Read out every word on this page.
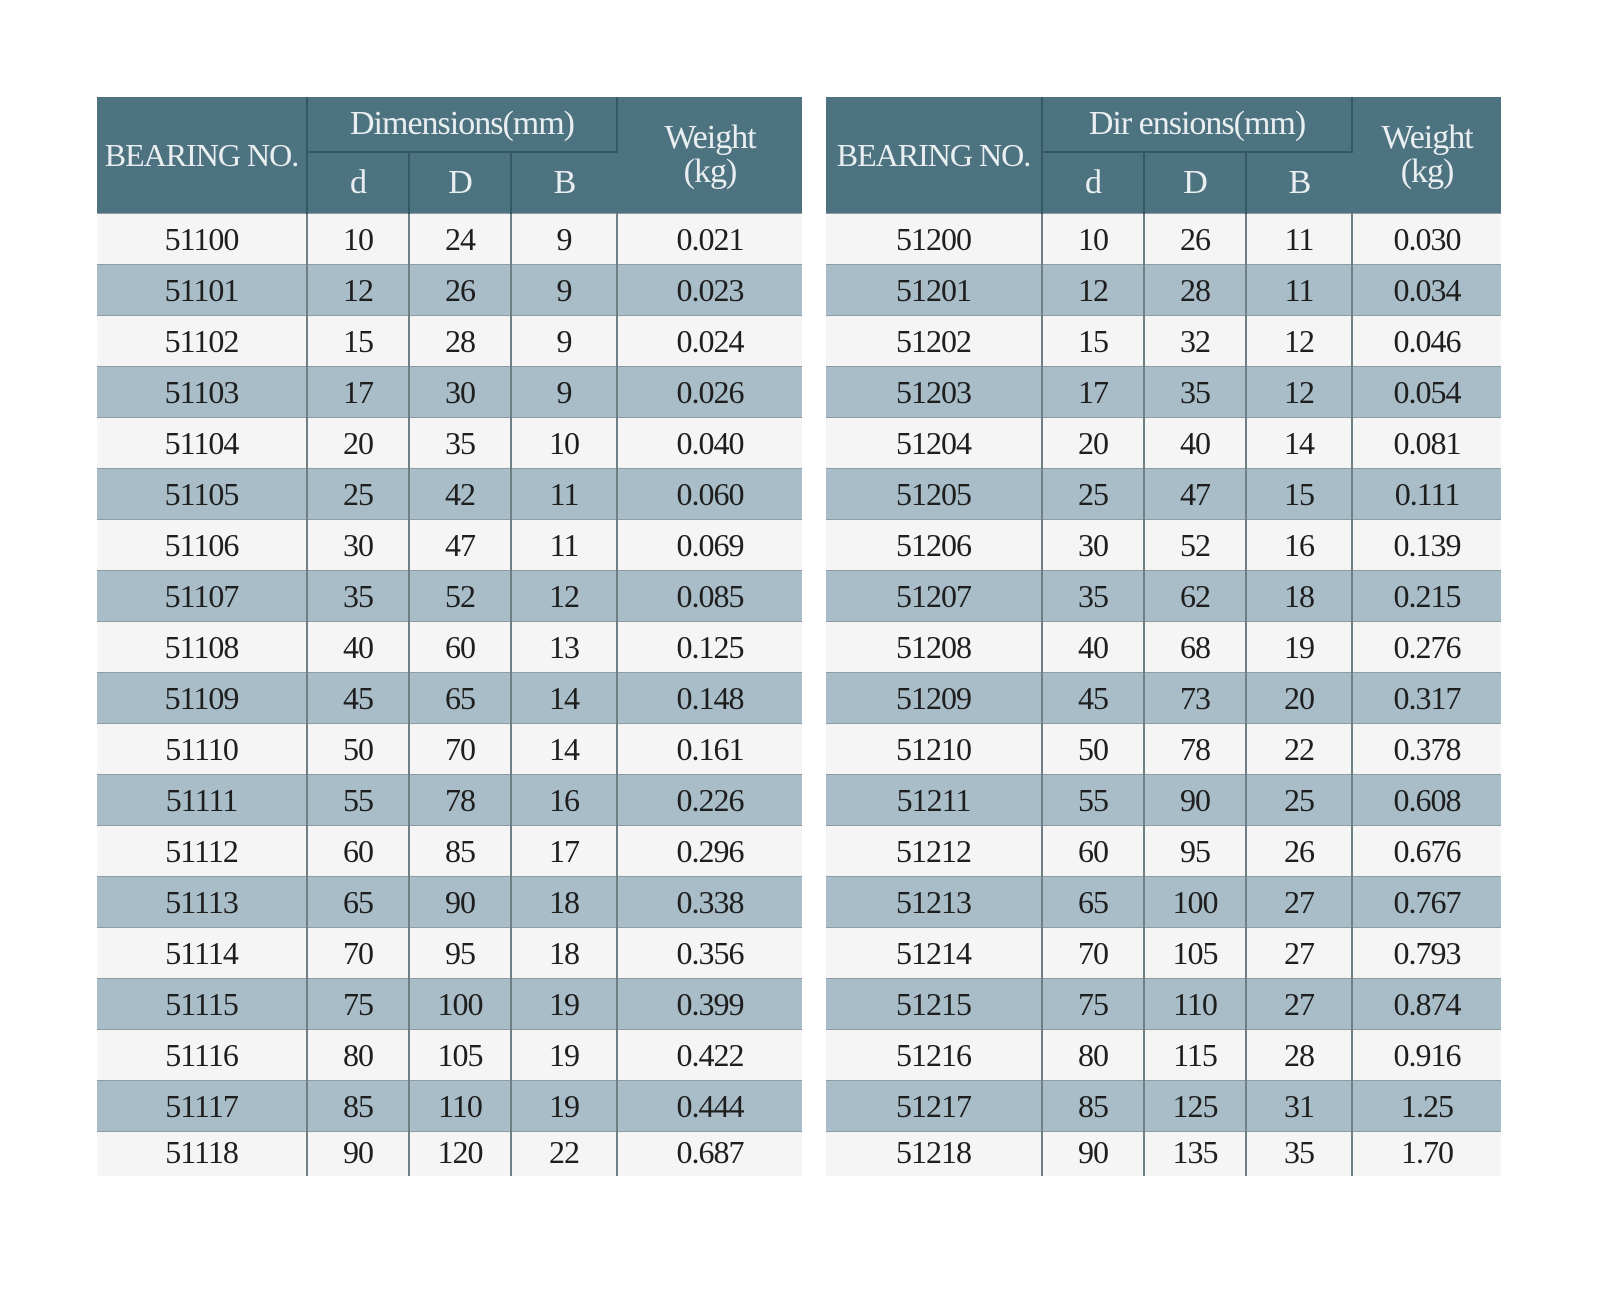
BEARING NO.	Dimensions(mm)			Weight
(kg)
	d	D	B	
51100	10	24	9	0.021
51101	12	26	9	0.023
51102	15	28	9	0.024
51103	17	30	9	0.026
51104	20	35	10	0.040
51105	25	42	11	0.060
51106	30	47	11	0.069
51107	35	52	12	0.085
51108	40	60	13	0.125
51109	45	65	14	0.148
51110	50	70	14	0.161
51111	55	78	16	0.226
51112	60	85	17	0.296
51113	65	90	18	0.338
51114	70	95	18	0.356
51115	75	100	19	0.399
51116	80	105	19	0.422
51117	85	110	19	0.444
51118	90	120	22	0.687
BEARING NO.	Dir ensions(mm)			Weight
(kg)
	d	D	B	
51200	10	26	11	0.030
51201	12	28	11	0.034
51202	15	32	12	0.046
51203	17	35	12	0.054
51204	20	40	14	0.081
51205	25	47	15	0.111
51206	30	52	16	0.139
51207	35	62	18	0.215
51208	40	68	19	0.276
51209	45	73	20	0.317
51210	50	78	22	0.378
51211	55	90	25	0.608
51212	60	95	26	0.676
51213	65	100	27	0.767
51214	70	105	27	0.793
51215	75	110	27	0.874
51216	80	115	28	0.916
51217	85	125	31	1.25
51218	90	135	35	1.70
